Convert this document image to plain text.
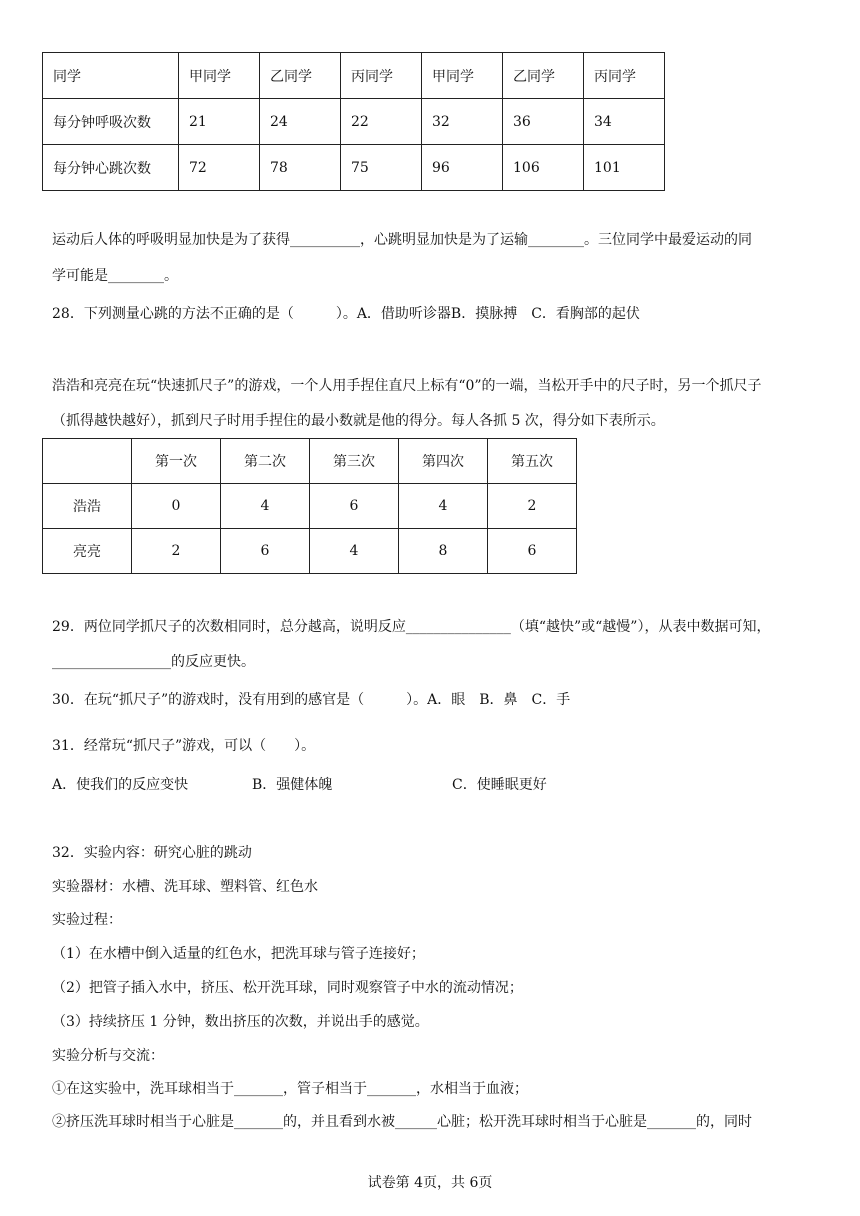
同学	甲同学	乙同学	丙同学	甲同学	乙同学	丙同学
每分钟呼吸次数	21	24	22	32	36	34
每分钟心跳次数	72	78	75	96	106	101
运动后人体的呼吸明显加快是为了获得__________，心跳明显加快是为了运输________。三位同学中最爱运动的同
学可能是________。
28．下列测量心跳的方法不正确的是（　　　）。A．借助听诊器B．摸脉搏　C．看胸部的起伏
浩浩和亮亮在玩“快速抓尺子”的游戏，一个人用手捏住直尺上标有“0”的一端，当松开手中的尺子时，另一个抓尺子
（抓得越快越好），抓到尺子时用手捏住的最小数就是他的得分。每人各抓 5 次，得分如下表所示。
	第一次	第二次	第三次	第四次	第五次
浩浩	0	4	6	4	2
亮亮	2	6	4	8	6
29．两位同学抓尺子的次数相同时，总分越高，说明反应_______________（填“越快”或“越慢”），从表中数据可知，
_________________的反应更快。
30．在玩“抓尺子”的游戏时，没有用到的感官是（　　　）。A．眼　B．鼻　C．手
31．经常玩“抓尺子”游戏，可以（　　）。
A．使我们的反应变快	B．强健体魄	C．使睡眠更好
32．实验内容：研究心脏的跳动
实验器材：水槽、洗耳球、塑料管、红色水
实验过程：
（1）在水槽中倒入适量的红色水，把洗耳球与管子连接好；
（2）把管子插入水中，挤压、松开洗耳球，同时观察管子中水的流动情况；
（3）持续挤压 1 分钟，数出挤压的次数，并说出手的感觉。
实验分析与交流：
①在这实验中，洗耳球相当于_______，管子相当于_______，水相当于血液；
②挤压洗耳球时相当于心脏是_______的，并且看到水被______心脏；松开洗耳球时相当于心脏是_______的，同时
试卷第 4页，共 6页
